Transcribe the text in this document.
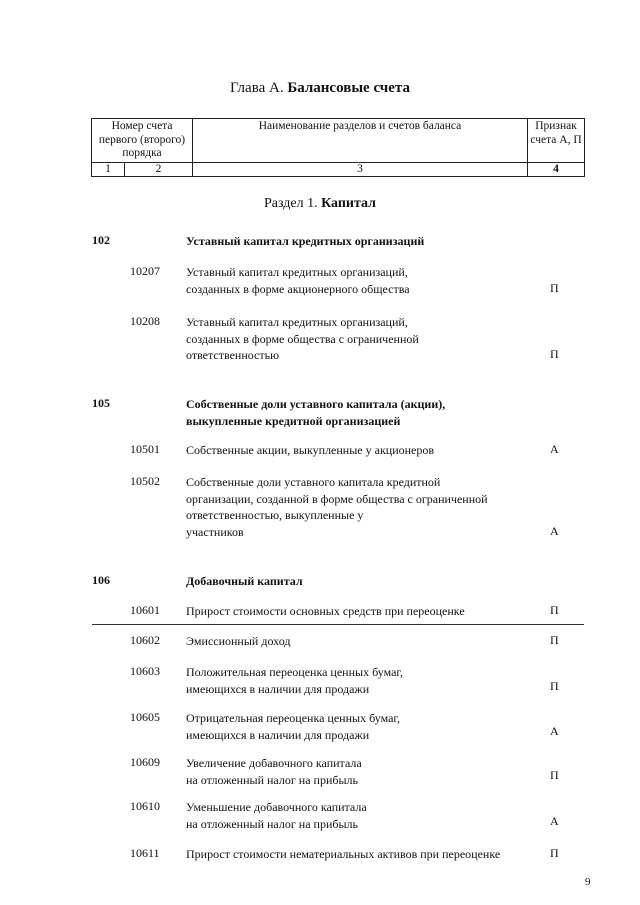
Глава А. Балансовые счета
Номер счета первого (второго) порядка		Наименование разделов и счетов баланса	Признак счета А, П
1	2	3	4
Раздел 1. Капитал
102	Уставный капитал кредитных организаций
10207 Уставный капитал кредитных организаций,
созданных в форме акционерного общества	П
10208 Уставный капитал кредитных организаций,
созданных в форме общества с ограниченной
ответственностью	П
105	Собственные доли уставного капитала (акции),
выкупленные кредитной организацией
10501 Собственные акции, выкупленные у акционеров	А
10502 Собственные доли уставного капитала кредитной
организации, созданной в форме общества с ограниченной
ответственностью, выкупленные у
участников	А
106	Добавочный капитал
10601 Прирост стоимости основных средств при переоценке	П
10602 Эмиссионный доход	П
10603 Положительная переоценка ценных бумаг,
имеющихся в наличии для продажи	П
10605 Отрицательная переоценка ценных бумаг,
имеющихся в наличии для продажи	А
10609 Увеличение добавочного капитала
на отложенный налог на прибыль	П
10610 Уменьшение добавочного капитала
на отложенный налог на прибыль	А
10611 Прирост стоимости нематериальных активов при переоценке	П
9
